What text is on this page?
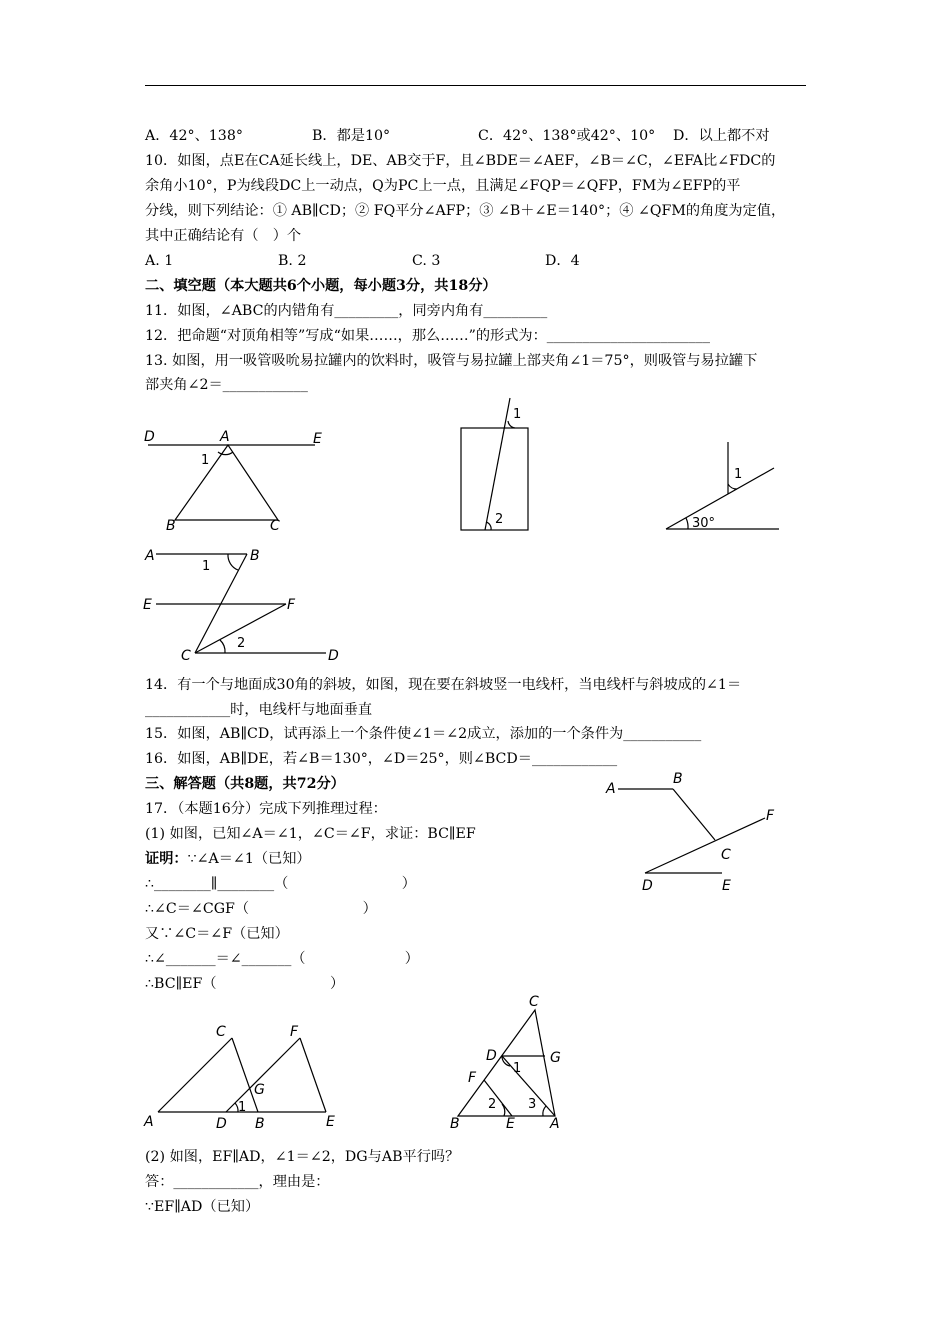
A．42°、138°	B．都是10°	C．42°、138°或42°、10° D．以上都不对
10．如图，点E在CA延长线上，DE、AB交于F，且∠BDE＝∠AEF，∠B＝∠C，∠EFA比∠FDC的
余角小10°，P为线段DC上一动点，Q为PC上一点，且满足∠FQP＝∠QFP，FM为∠EFP的平
分线，则下列结论：① AB∥CD；② FQ平分∠AFP；③ ∠B＋∠E＝140°；④ ∠QFM的角度为定值，
其中正确结论有（　）个
A. 1	B. 2	C. 3	D．4
二、填空题（本大题共6个小题，每小题3分，共18分）
11．如图，∠ABC的内错角有_________，同旁内角有_________
12．把命题“对顶角相等”写成“如果……，那么……”的形式为：_______________________
13. 如图，用一吸管吸吮易拉罐内的饮料时，吸管与易拉罐上部夹角∠1＝75°，则吸管与易拉罐下
部夹角∠2＝____________
D	A	E
B	C
1
1
2
1
30°
A	B
E	F
C	D
1
2
14．有一个与地面成30角的斜坡，如图，现在要在斜坡竖一电线杆，当电线杆与斜坡成的∠1＝
____________时，电线杆与地面垂直
15．如图，AB∥CD，试再添上一个条件使∠1＝∠2成立，添加的一个条件为___________
16．如图，AB∥DE，若∠B＝130°，∠D＝25°，则∠BCD＝____________
三、解答题（共8题，共72分）	A
B
F
C
D	E
17．（本题16分）完成下列推理过程：
(1) 如图，已知∠A＝∠1，∠C＝∠F，求证：BC∥EF
证明：∵∠A＝∠1（已知）
∴________∥________（　　　　　　　　）
∴∠C＝∠CGF（　　　　　　　　）
又∵∠C＝∠F（已知）
∴∠_______＝∠_______（　　　　　　　）
∴BC∥EF（　　　　　　　　）
C	F
G
A	D B	E
1
C
D	G
F
B	E	A
1
2 3
(2) 如图，EF∥AD，∠1＝∠2，DG与AB平行吗？
答：____________，理由是：
∵EF∥AD（已知）
